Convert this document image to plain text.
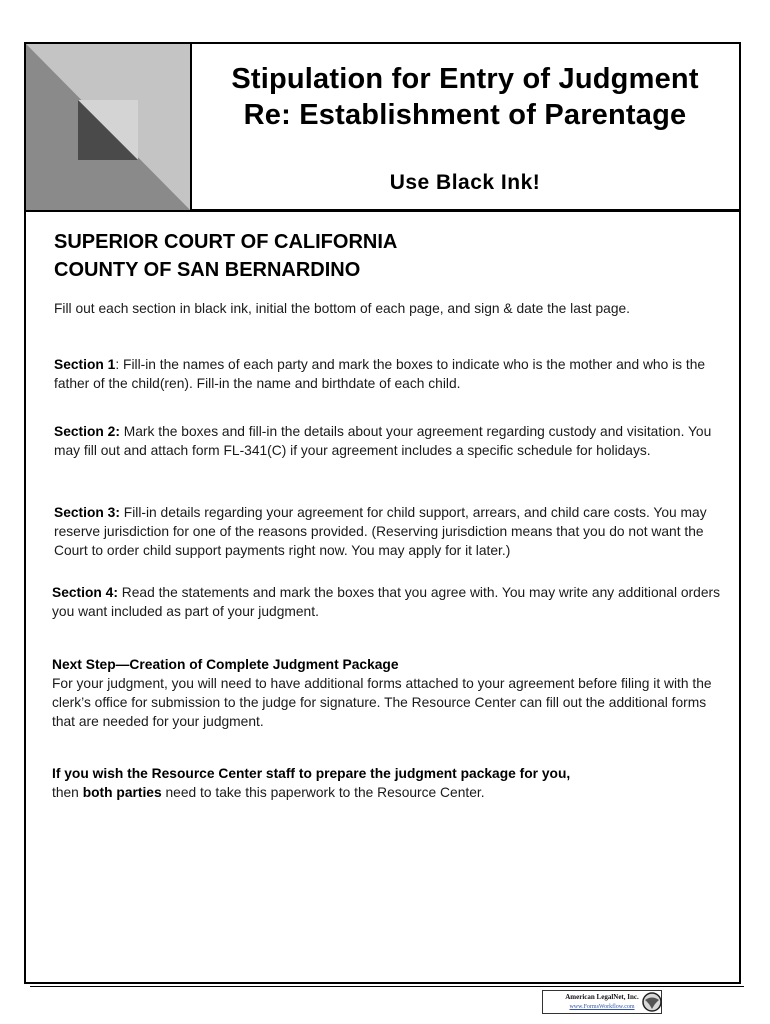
Stipulation for Entry of Judgment
Re: Establishment of Parentage
Use Black Ink!
SUPERIOR COURT OF CALIFORNIA
COUNTY OF SAN BERNARDINO
Fill out each section in black ink, initial the bottom of each page, and sign & date the last page.
Section 1: Fill-in the names of each party and mark the boxes to indicate who is the mother and who is the father of the child(ren). Fill-in the name and birthdate of each child.
Section 2: Mark the boxes and fill-in the details about your agreement regarding custody and visitation. You may fill out and attach form FL-341(C) if your agreement includes a specific schedule for holidays.
Section 3: Fill-in details regarding your agreement for child support, arrears, and child care costs. You may reserve jurisdiction for one of the reasons provided. (Reserving jurisdiction means that you do not want the Court to order child support payments right now. You may apply for it later.)
Section 4: Read the statements and mark the boxes that you agree with. You may write any additional orders you want included as part of your judgment.
Next Step—Creation of Complete Judgment Package
For your judgment, you will need to have additional forms attached to your agreement before filing it with the clerk’s office for submission to the judge for signature. The Resource Center can fill out the additional forms that are needed for your judgment.
If you wish the Resource Center staff to prepare the judgment package for you,
then both parties need to take this paperwork to the Resource Center.
American LegalNet, Inc.
www.FormsWorkflow.com
